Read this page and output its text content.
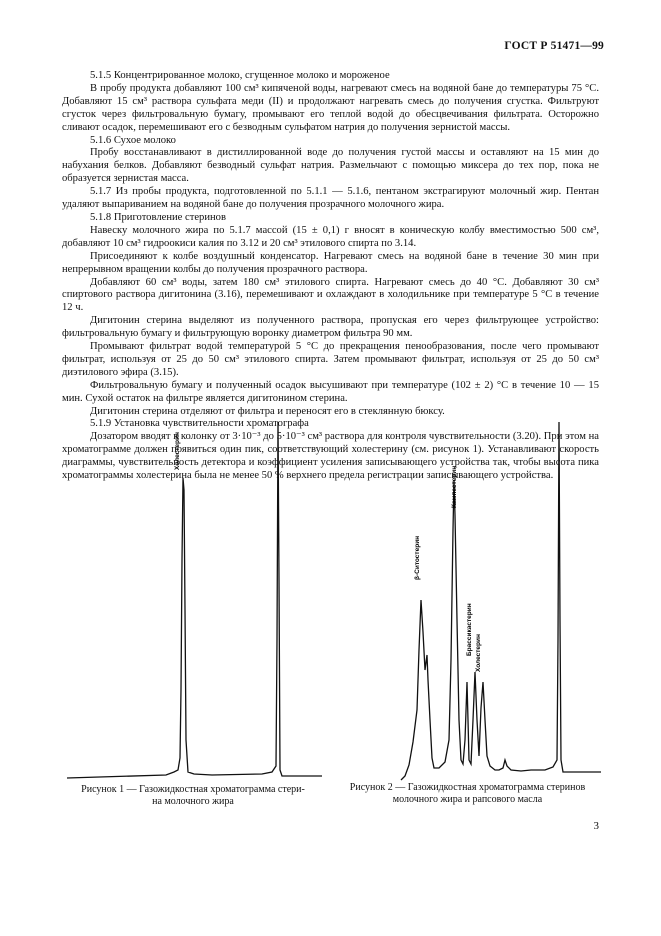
ГОСТ Р 51471—99

5.1.5 Концентрированное молоко, сгущенное молоко и мороженое

В пробу продукта добавляют 100 см³ кипяченой воды, нагревают смесь на водяной бане до температуры 75 °С. Добавляют 15 см³ раствора сульфата меди (II) и продолжают нагревать смесь до получения сгустка. Фильтруют сгусток через фильтровальную бумагу, промывают его теплой водой до обесцвечивания фильтрата. Осторожно сливают осадок, перемешивают его с безводным сульфатом натрия до получения зернистой массы.

5.1.6 Сухое молоко

Пробу восстанавливают в дистиллированной воде до получения густой массы и оставляют на 15 мин до набухания белков. Добавляют безводный сульфат натрия. Размельчают с помощью миксера до тех пор, пока не образуется зернистая масса.

5.1.7 Из пробы продукта, подготовленной по 5.1.1 — 5.1.6, пентаном экстрагируют молочный жир. Пентан удаляют выпариванием на водяной бане до получения прозрачного молочного жира.

5.1.8 Приготовление стеринов

Навеску молочного жира по 5.1.7 массой (15 ± 0,1) г вносят в коническую колбу вместимостью 500 см³, добавляют 10 см³ гидроокиси калия по 3.12 и 20 см³ этилового спирта по 3.14.

Присоединяют к колбе воздушный конденсатор. Нагревают смесь на водяной бане в течение 30 мин при непрерывном вращении колбы до получения прозрачного раствора.

Добавляют 60 см³ воды, затем 180 см³ этилового спирта. Нагревают смесь до 40 °С. Добавляют 30 см³ спиртового раствора дигитонина (3.16), перемешивают и охлаждают в холодильнике при температуре 5 °С в течение 12 ч.

Дигитонин стерина выделяют из полученного раствора, пропуская его через фильтрующее устройство: фильтровальную бумагу и фильтрующую воронку диаметром фильтра 90 мм.

Промывают фильтрат водой температурой 5 °С до прекращения пенообразования, после чего промывают фильтрат, используя от 25 до 50 см³ этилового спирта. Затем промывают фильтрат, используя от 25 до 50 см³ диэтилового эфира (3.15).

Фильтровальную бумагу и полученный осадок высушивают при температуре (102 ± 2) °С в течение 10 — 15 мин. Сухой остаток на фильтре является дигитонином стерина.

Дигитонин стерина отделяют от фильтра и переносят его в стеклянную бюксу.

5.1.9 Установка чувствительности хроматографа

Дозатором вводят в колонку от 3·10⁻³ до 5·10⁻³ см³ раствора для контроля чувствительности (3.20). При этом на хроматограмме должен появиться один пик, соответствующий холестерину (см. рисунок 1). Устанавливают скорость диаграммы, чувствительность детектора и коэффициент усиления записывающего устройства так, чтобы высота пика хроматограммы холестерина была не менее 50 % верхнего предела регистрации записывающего устройства.

Холестерин
Рисунок 1 — Газожидкостная хроматограмма стери-
на молочного жира
β-Ситостерин
Кампестерин
Брассикастерин Холестерин
Рисунок 2 — Газожидкостная хроматограмма стеринов
молочного жира и рапсового масла
3
